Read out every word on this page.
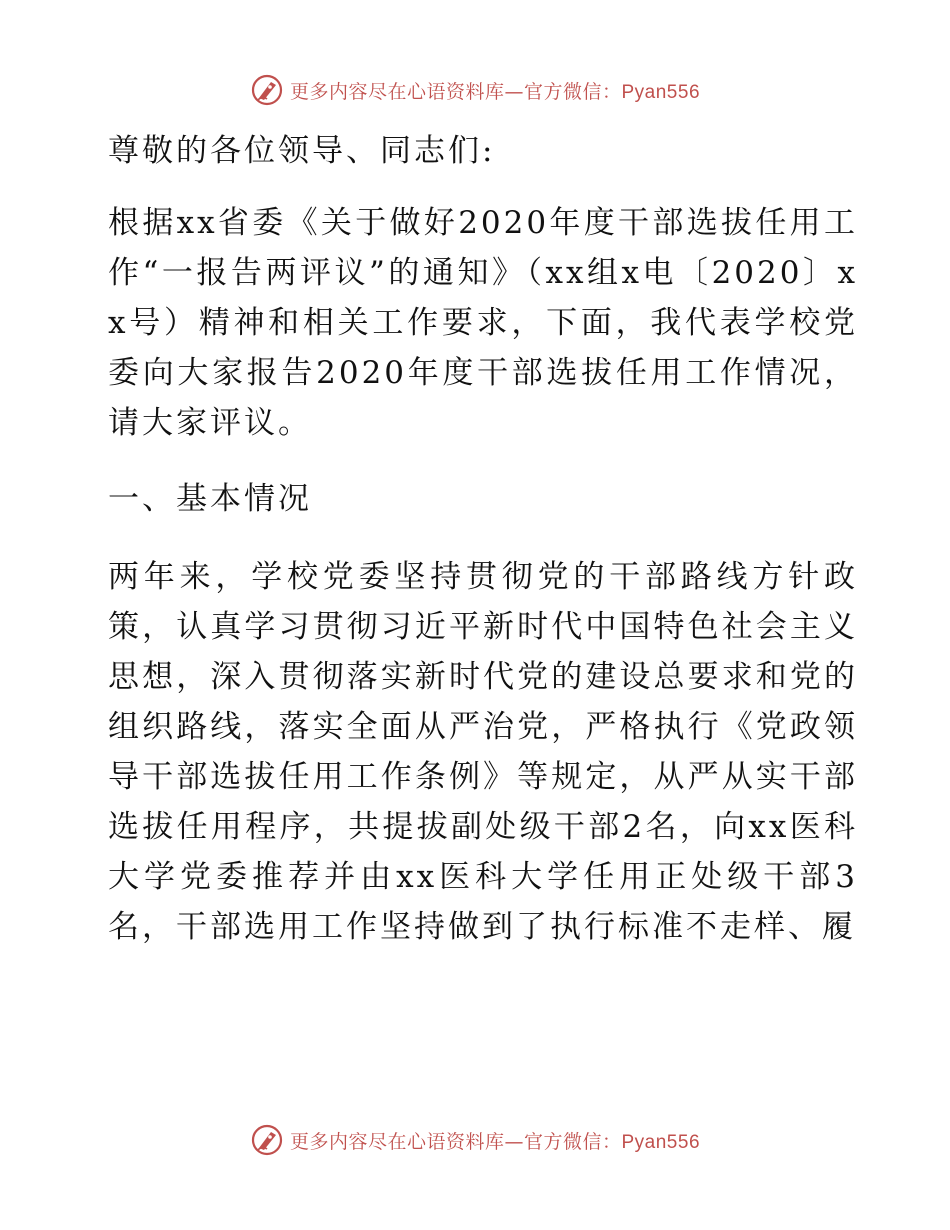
更多内容尽在心语资料库—官方微信：Pyan556

尊敬的各位领导、同志们:

根据xx省委《关于做好2020年度干部选拔任用工作“一报告两评议”的通知》（xx组x电〔2020〕xx号）精神和相关工作要求，下面，我代表学校党委向大家报告2020年度干部选拔任用工作情况，请大家评议。

一、基本情况

两年来，学校党委坚持贯彻党的干部路线方针政策，认真学习贯彻习近平新时代中国特色社会主义思想，深入贯彻落实新时代党的建设总要求和党的组织路线，落实全面从严治党，严格执行《党政领导干部选拔任用工作条例》等规定，从严从实干部选拔任用程序，共提拔副处级干部2名，向xx医科大学党委推荐并由xx医科大学任用正处级干部3名，干部选用工作坚持做到了执行标准不走样、履

更多内容尽在心语资料库—官方微信：Pyan556
